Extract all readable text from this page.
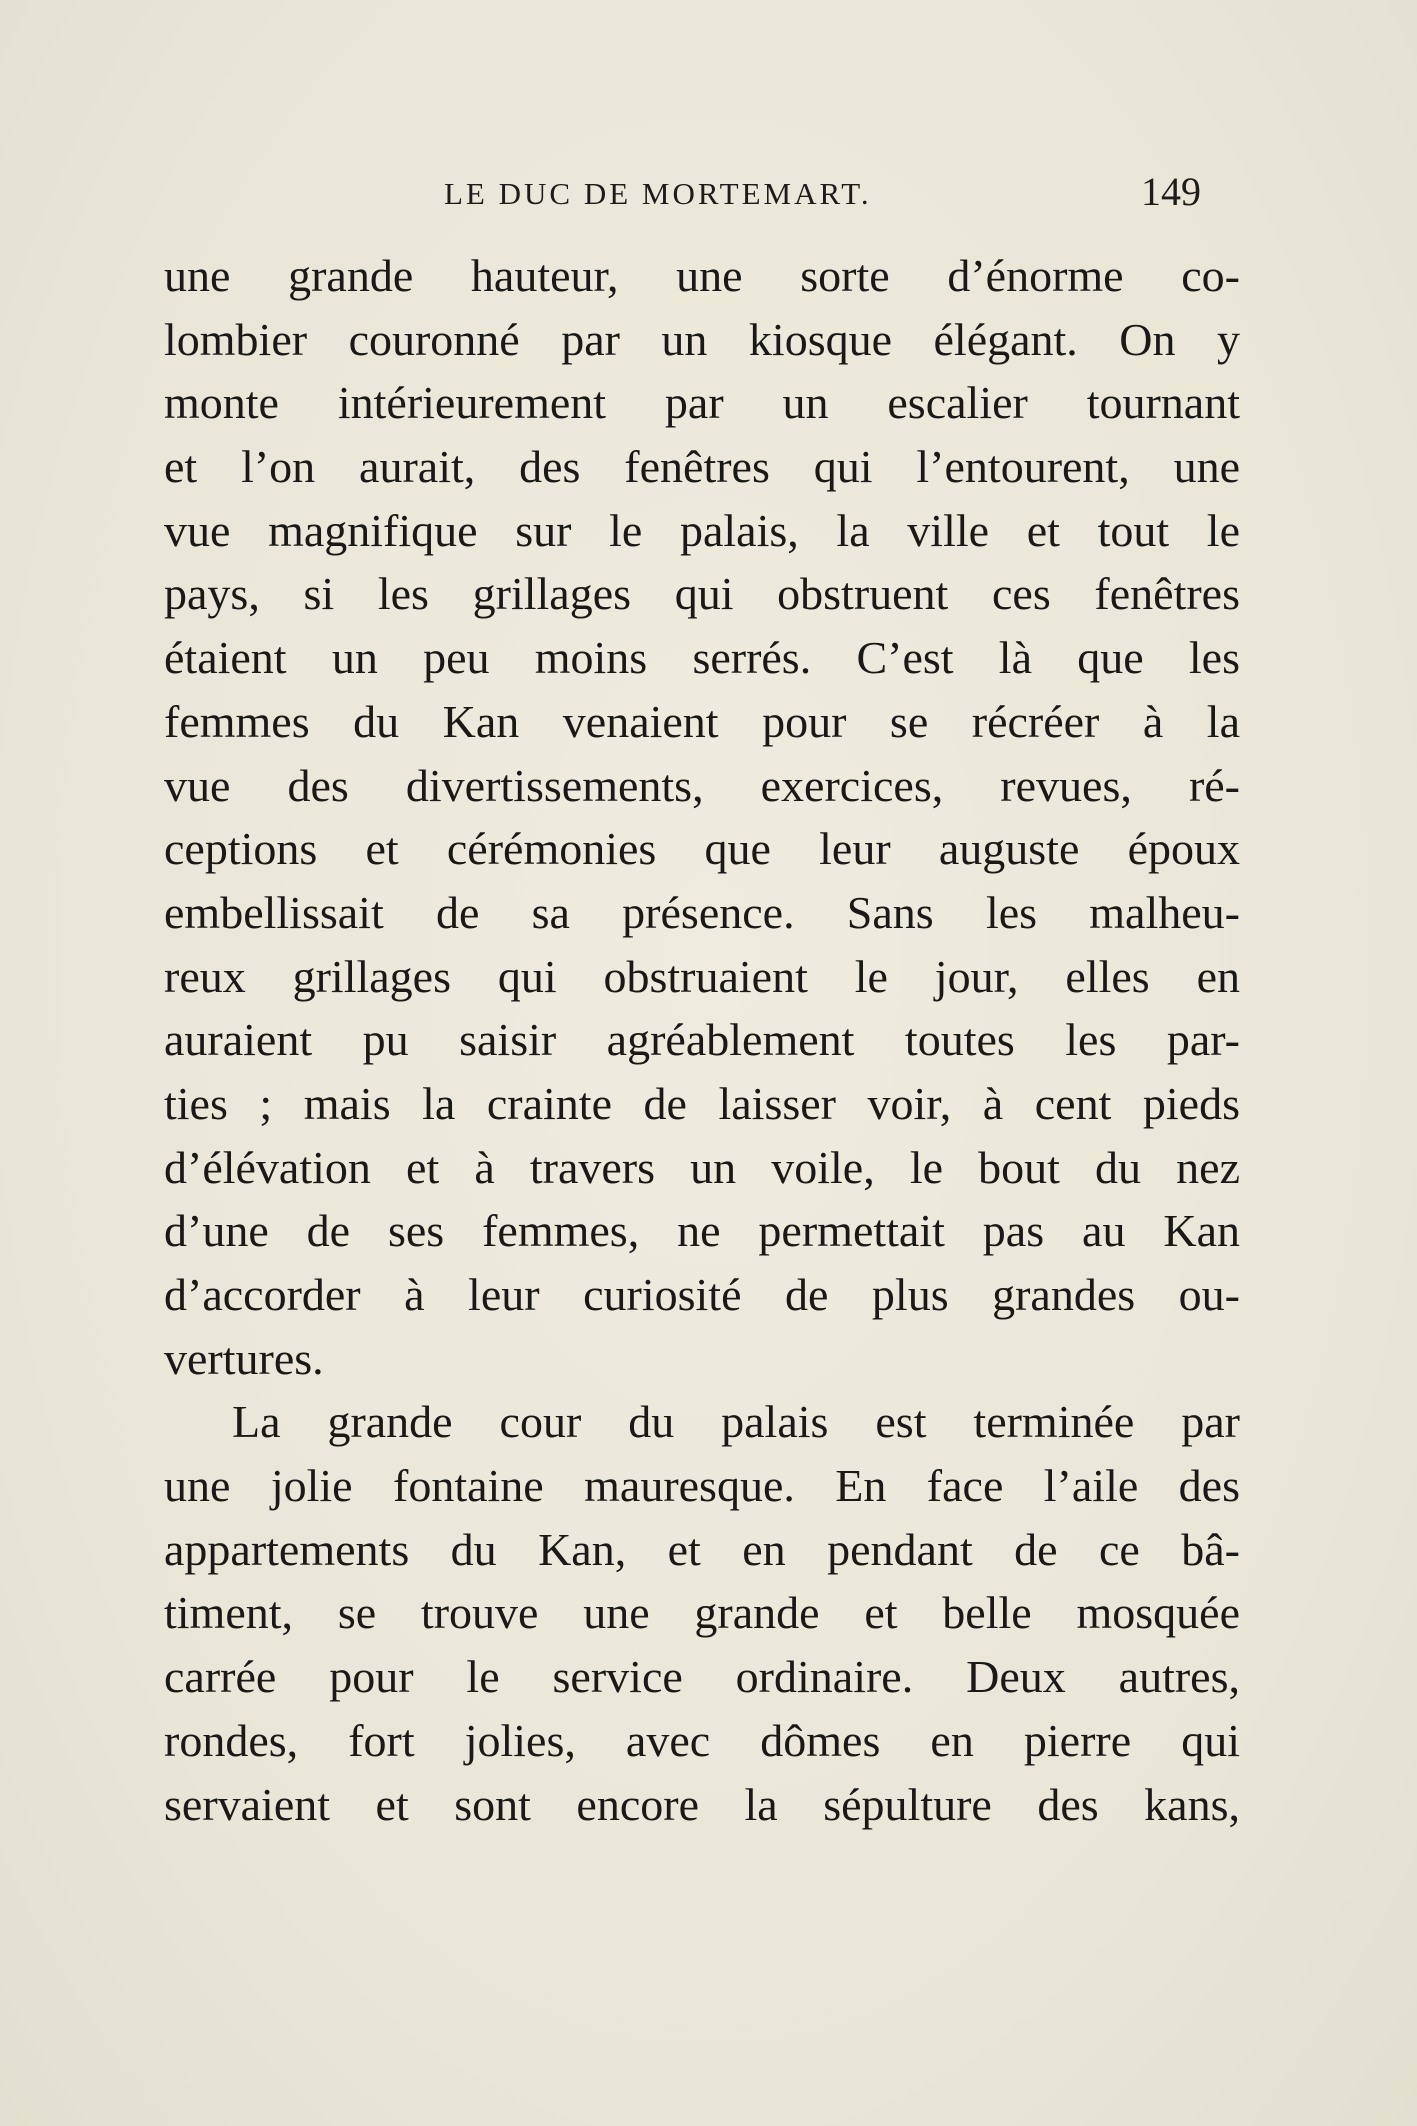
LE DUC DE MORTEMART.	149
une grande hauteur, une sorte d’énorme co-
lombier couronné par un kiosque élégant. On y
monte intérieurement par un escalier tournant
et l’on aurait, des fenêtres qui l’entourent, une
vue magnifique sur le palais, la ville et tout le
pays, si les grillages qui obstruent ces fenêtres
étaient un peu moins serrés. C’est là que les
femmes du Kan venaient pour se récréer à la
vue des divertissements, exercices, revues, ré-
ceptions et cérémonies que leur auguste époux
embellissait de sa présence. Sans les malheu-
reux grillages qui obstruaient le jour, elles en
auraient pu saisir agréablement toutes les par-
ties ; mais la crainte de laisser voir, à cent pieds
d’élévation et à travers un voile, le bout du nez
d’une de ses femmes, ne permettait pas au Kan
d’accorder à leur curiosité de plus grandes ou-
vertures.
La grande cour du palais est terminée par
une jolie fontaine mauresque. En face l’aile des
appartements du Kan, et en pendant de ce bâ-
timent, se trouve une grande et belle mosquée
carrée pour le service ordinaire. Deux autres,
rondes, fort jolies, avec dômes en pierre qui
servaient et sont encore la sépulture des kans,
